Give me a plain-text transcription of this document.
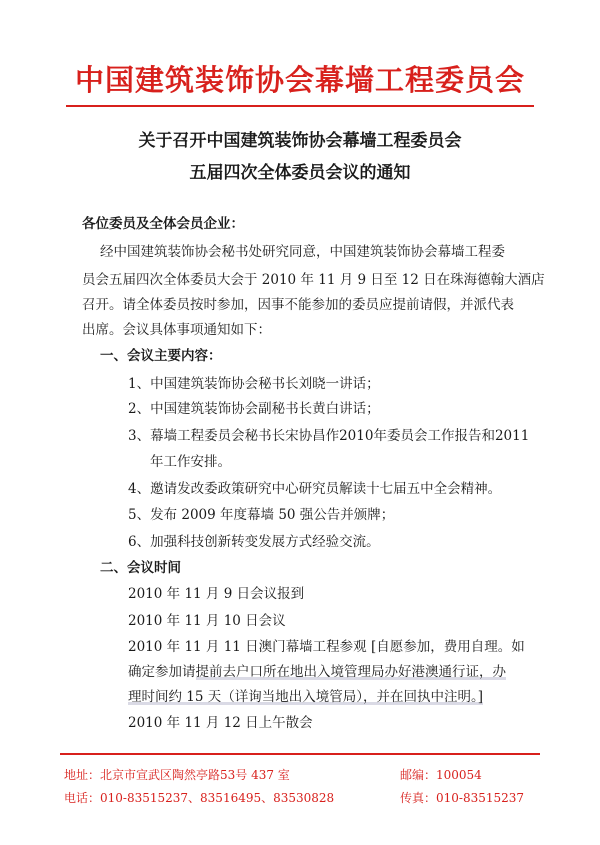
中国建筑装饰协会幕墙工程委员会
关于召开中国建筑装饰协会幕墙工程委员会
五届四次全体委员会议的通知
各位委员及全体会员企业：
经中国建筑装饰协会秘书处研究同意，中国建筑装饰协会幕墙工程委
员会五届四次全体委员大会于 2010 年 11 月 9 日至 12 日在珠海德翰大酒店
召开。请全体委员按时参加，因事不能参加的委员应提前请假，并派代表
出席。会议具体事项通知如下：
一、会议主要内容：
1、中国建筑装饰协会秘书长刘晓一讲话；
2、中国建筑装饰协会副秘书长黄白讲话；
3、幕墙工程委员会秘书长宋协昌作2010年委员会工作报告和2011
年工作安排。
4、邀请发改委政策研究中心研究员解读十七届五中全会精神。
5、发布 2009 年度幕墙 50 强公告并颁牌；
6、加强科技创新转变发展方式经验交流。
二、会议时间
2010 年 11 月 9 日会议报到
2010 年 11 月 10 日会议
2010 年 11 月 11 日澳门幕墙工程参观 [自愿参加，费用自理。如
确定参加请提前去户口所在地出入境管理局办好港澳通行证，办
理时间约 15 天（详询当地出入境管局），并在回执中注明。]
2010 年 11 月 12 日上午散会
地址：北京市宣武区陶然亭路53号 437 室	邮编：100054
电话：010-83515237、83516495、83530828	传真：010-83515237
